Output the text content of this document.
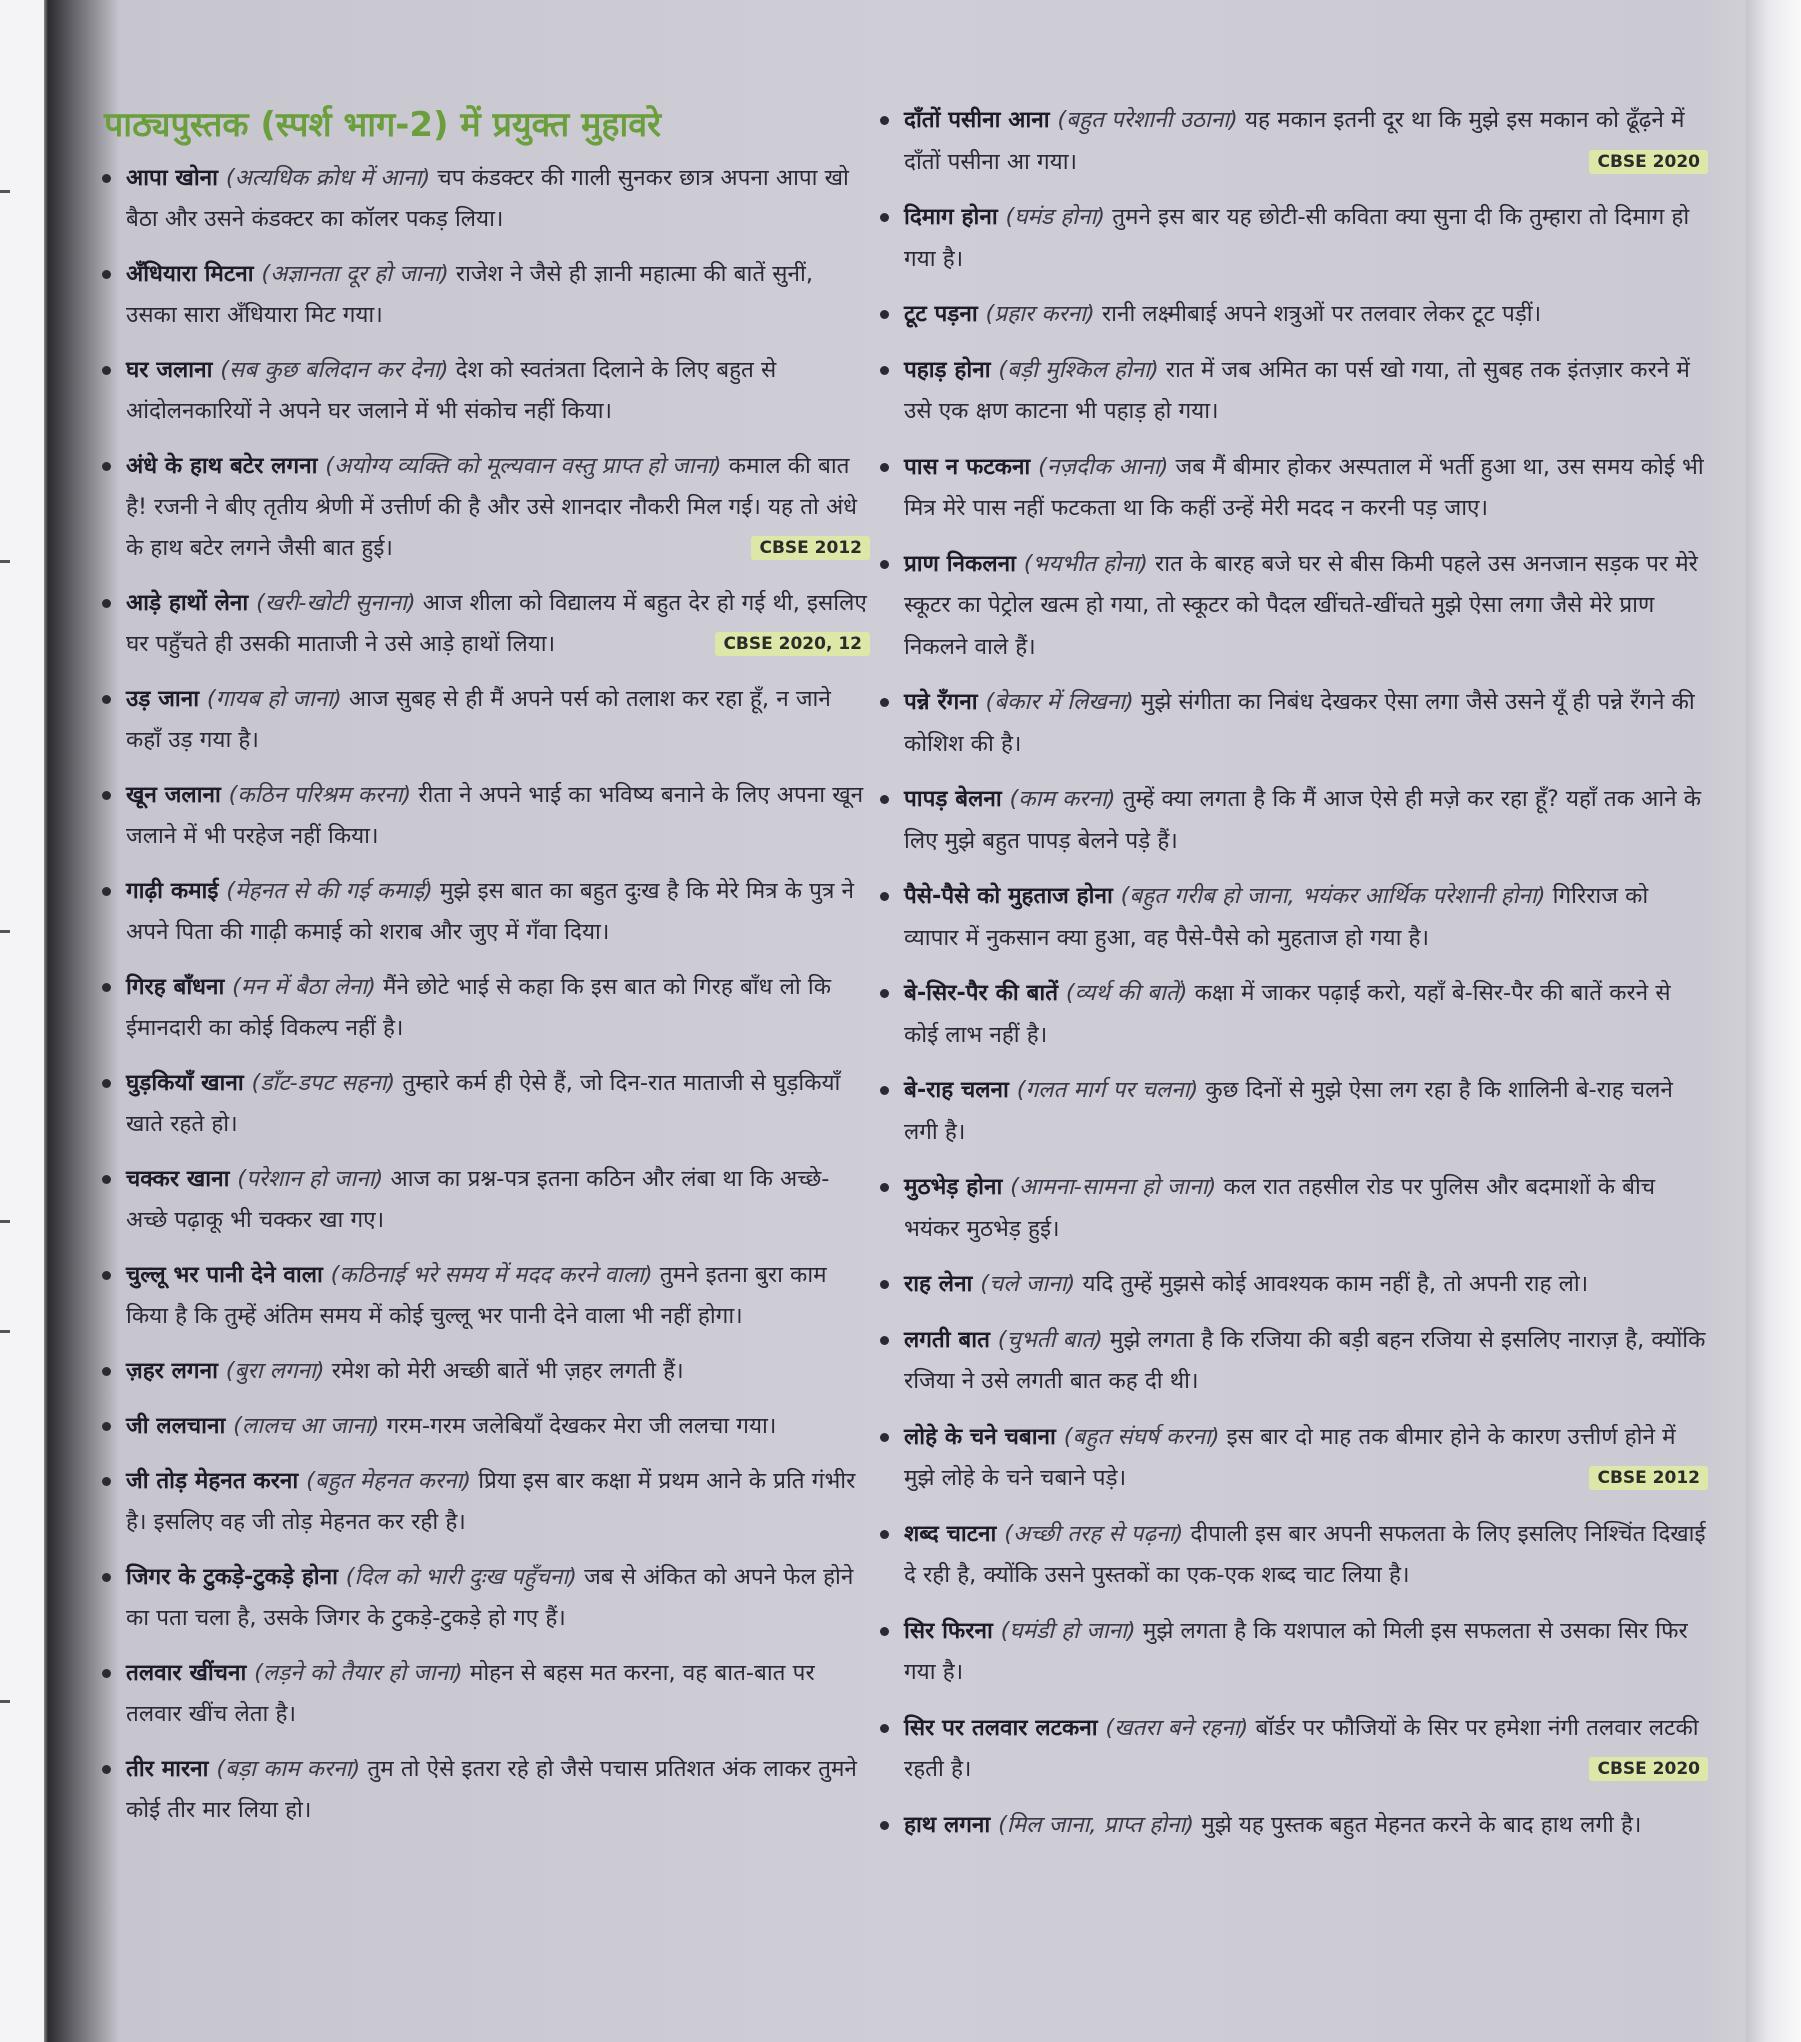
पाठ्यपुस्तक (स्पर्श भाग-2) में प्रयुक्त मुहावरे
आपा खोना (अत्यधिक क्रोध में आना) चप कंडक्टर की गाली सुनकर छात्र अपना आपा खो बैठा और उसने कंडक्टर का कॉलर पकड़ लिया।
अँधियारा मिटना (अज्ञानता दूर हो जाना) राजेश ने जैसे ही ज्ञानी महात्मा की बातें सुनीं, उसका सारा अँधियारा मिट गया।
घर जलाना (सब कुछ बलिदान कर देना) देश को स्वतंत्रता दिलाने के लिए बहुत से आंदोलनकारियों ने अपने घर जलाने में भी संकोच नहीं किया।
अंधे के हाथ बटेर लगना (अयोग्य व्यक्ति को मूल्यवान वस्तु प्राप्त हो जाना) कमाल की बात है! रजनी ने बीए तृतीय श्रेणी में उत्तीर्ण की है और उसे शानदार नौकरी मिल गई। यह तो अंधे के हाथ बटेर लगने जैसी बात हुई।	CBSE 2012
आड़े हाथों लेना (खरी-खोटी सुनाना) आज शीला को विद्यालय में बहुत देर हो गई थी, इसलिए घर पहुँचते ही उसकी माताजी ने उसे आड़े हाथों लिया।	CBSE 2020, 12
उड़ जाना (गायब हो जाना) आज सुबह से ही मैं अपने पर्स को तलाश कर रहा हूँ, न जाने कहाँ उड़ गया है।
खून जलाना (कठिन परिश्रम करना) रीता ने अपने भाई का भविष्य बनाने के लिए अपना खून जलाने में भी परहेज नहीं किया।
गाढ़ी कमाई (मेहनत से की गई कमाई) मुझे इस बात का बहुत दुःख है कि मेरे मित्र के पुत्र ने अपने पिता की गाढ़ी कमाई को शराब और जुए में गँवा दिया।
गिरह बाँधना (मन में बैठा लेना) मैंने छोटे भाई से कहा कि इस बात को गिरह बाँध लो कि ईमानदारी का कोई विकल्प नहीं है।
घुड़कियाँ खाना (डाँट-डपट सहना) तुम्हारे कर्म ही ऐसे हैं, जो दिन-रात माताजी से घुड़कियाँ खाते रहते हो।
चक्कर खाना (परेशान हो जाना) आज का प्रश्न-पत्र इतना कठिन और लंबा था कि अच्छे-अच्छे पढ़ाकू भी चक्कर खा गए।
चुल्लू भर पानी देने वाला (कठिनाई भरे समय में मदद करने वाला) तुमने इतना बुरा काम किया है कि तुम्हें अंतिम समय में कोई चुल्लू भर पानी देने वाला भी नहीं होगा।
ज़हर लगना (बुरा लगना) रमेश को मेरी अच्छी बातें भी ज़हर लगती हैं।
जी ललचाना (लालच आ जाना) गरम-गरम जलेबियाँ देखकर मेरा जी ललचा गया।
जी तोड़ मेहनत करना (बहुत मेहनत करना) प्रिया इस बार कक्षा में प्रथम आने के प्रति गंभीर है। इसलिए वह जी तोड़ मेहनत कर रही है।
जिगर के टुकड़े-टुकड़े होना (दिल को भारी दुःख पहुँचना) जब से अंकित को अपने फेल होने का पता चला है, उसके जिगर के टुकड़े-टुकड़े हो गए हैं।
तलवार खींचना (लड़ने को तैयार हो जाना) मोहन से बहस मत करना, वह बात-बात पर तलवार खींच लेता है।
तीर मारना (बड़ा काम करना) तुम तो ऐसे इतरा रहे हो जैसे पचास प्रतिशत अंक लाकर तुमने कोई तीर मार लिया हो।
दाँतों पसीना आना (बहुत परेशानी उठाना) यह मकान इतनी दूर था कि मुझे इस मकान को ढूँढ़ने में दाँतों पसीना आ गया।	CBSE 2020
दिमाग होना (घमंड होना) तुमने इस बार यह छोटी-सी कविता क्या सुना दी कि तुम्हारा तो दिमाग हो गया है।
टूट पड़ना (प्रहार करना) रानी लक्ष्मीबाई अपने शत्रुओं पर तलवार लेकर टूट पड़ीं।
पहाड़ होना (बड़ी मुश्किल होना) रात में जब अमित का पर्स खो गया, तो सुबह तक इंतज़ार करने में उसे एक क्षण काटना भी पहाड़ हो गया।
पास न फटकना (नज़दीक आना) जब मैं बीमार होकर अस्पताल में भर्ती हुआ था, उस समय कोई भी मित्र मेरे पास नहीं फटकता था कि कहीं उन्हें मेरी मदद न करनी पड़ जाए।
प्राण निकलना (भयभीत होना) रात के बारह बजे घर से बीस किमी पहले उस अनजान सड़क पर मेरे स्कूटर का पेट्रोल खत्म हो गया, तो स्कूटर को पैदल खींचते-खींचते मुझे ऐसा लगा जैसे मेरे प्राण निकलने वाले हैं।
पन्ने रँगना (बेकार में लिखना) मुझे संगीता का निबंध देखकर ऐसा लगा जैसे उसने यूँ ही पन्ने रँगने की कोशिश की है।
पापड़ बेलना (काम करना) तुम्हें क्या लगता है कि मैं आज ऐसे ही मज़े कर रहा हूँ? यहाँ तक आने के लिए मुझे बहुत पापड़ बेलने पड़े हैं।
पैसे-पैसे को मुहताज होना (बहुत गरीब हो जाना, भयंकर आर्थिक परेशानी होना) गिरिराज को व्यापार में नुकसान क्या हुआ, वह पैसे-पैसे को मुहताज हो गया है।
बे-सिर-पैर की बातें (व्यर्थ की बातें) कक्षा में जाकर पढ़ाई करो, यहाँ बे-सिर-पैर की बातें करने से कोई लाभ नहीं है।
बे-राह चलना (गलत मार्ग पर चलना) कुछ दिनों से मुझे ऐसा लग रहा है कि शालिनी बे-राह चलने लगी है।
मुठभेड़ होना (आमना-सामना हो जाना) कल रात तहसील रोड पर पुलिस और बदमाशों के बीच भयंकर मुठभेड़ हुई।
राह लेना (चले जाना) यदि तुम्हें मुझसे कोई आवश्यक काम नहीं है, तो अपनी राह लो।
लगती बात (चुभती बात) मुझे लगता है कि रजिया की बड़ी बहन रजिया से इसलिए नाराज़ है, क्योंकि रजिया ने उसे लगती बात कह दी थी।
लोहे के चने चबाना (बहुत संघर्ष करना) इस बार दो माह तक बीमार होने के कारण उत्तीर्ण होने में मुझे लोहे के चने चबाने पड़े।	CBSE 2012
शब्द चाटना (अच्छी तरह से पढ़ना) दीपाली इस बार अपनी सफलता के लिए इसलिए निश्चिंत दिखाई दे रही है, क्योंकि उसने पुस्तकों का एक-एक शब्द चाट लिया है।
सिर फिरना (घमंडी हो जाना) मुझे लगता है कि यशपाल को मिली इस सफलता से उसका सिर फिर गया है।
सिर पर तलवार लटकना (खतरा बने रहना) बॉर्डर पर फौजियों के सिर पर हमेशा नंगी तलवार लटकी रहती है।	CBSE 2020
हाथ लगना (मिल जाना, प्राप्त होना) मुझे यह पुस्तक बहुत मेहनत करने के बाद हाथ लगी है।
